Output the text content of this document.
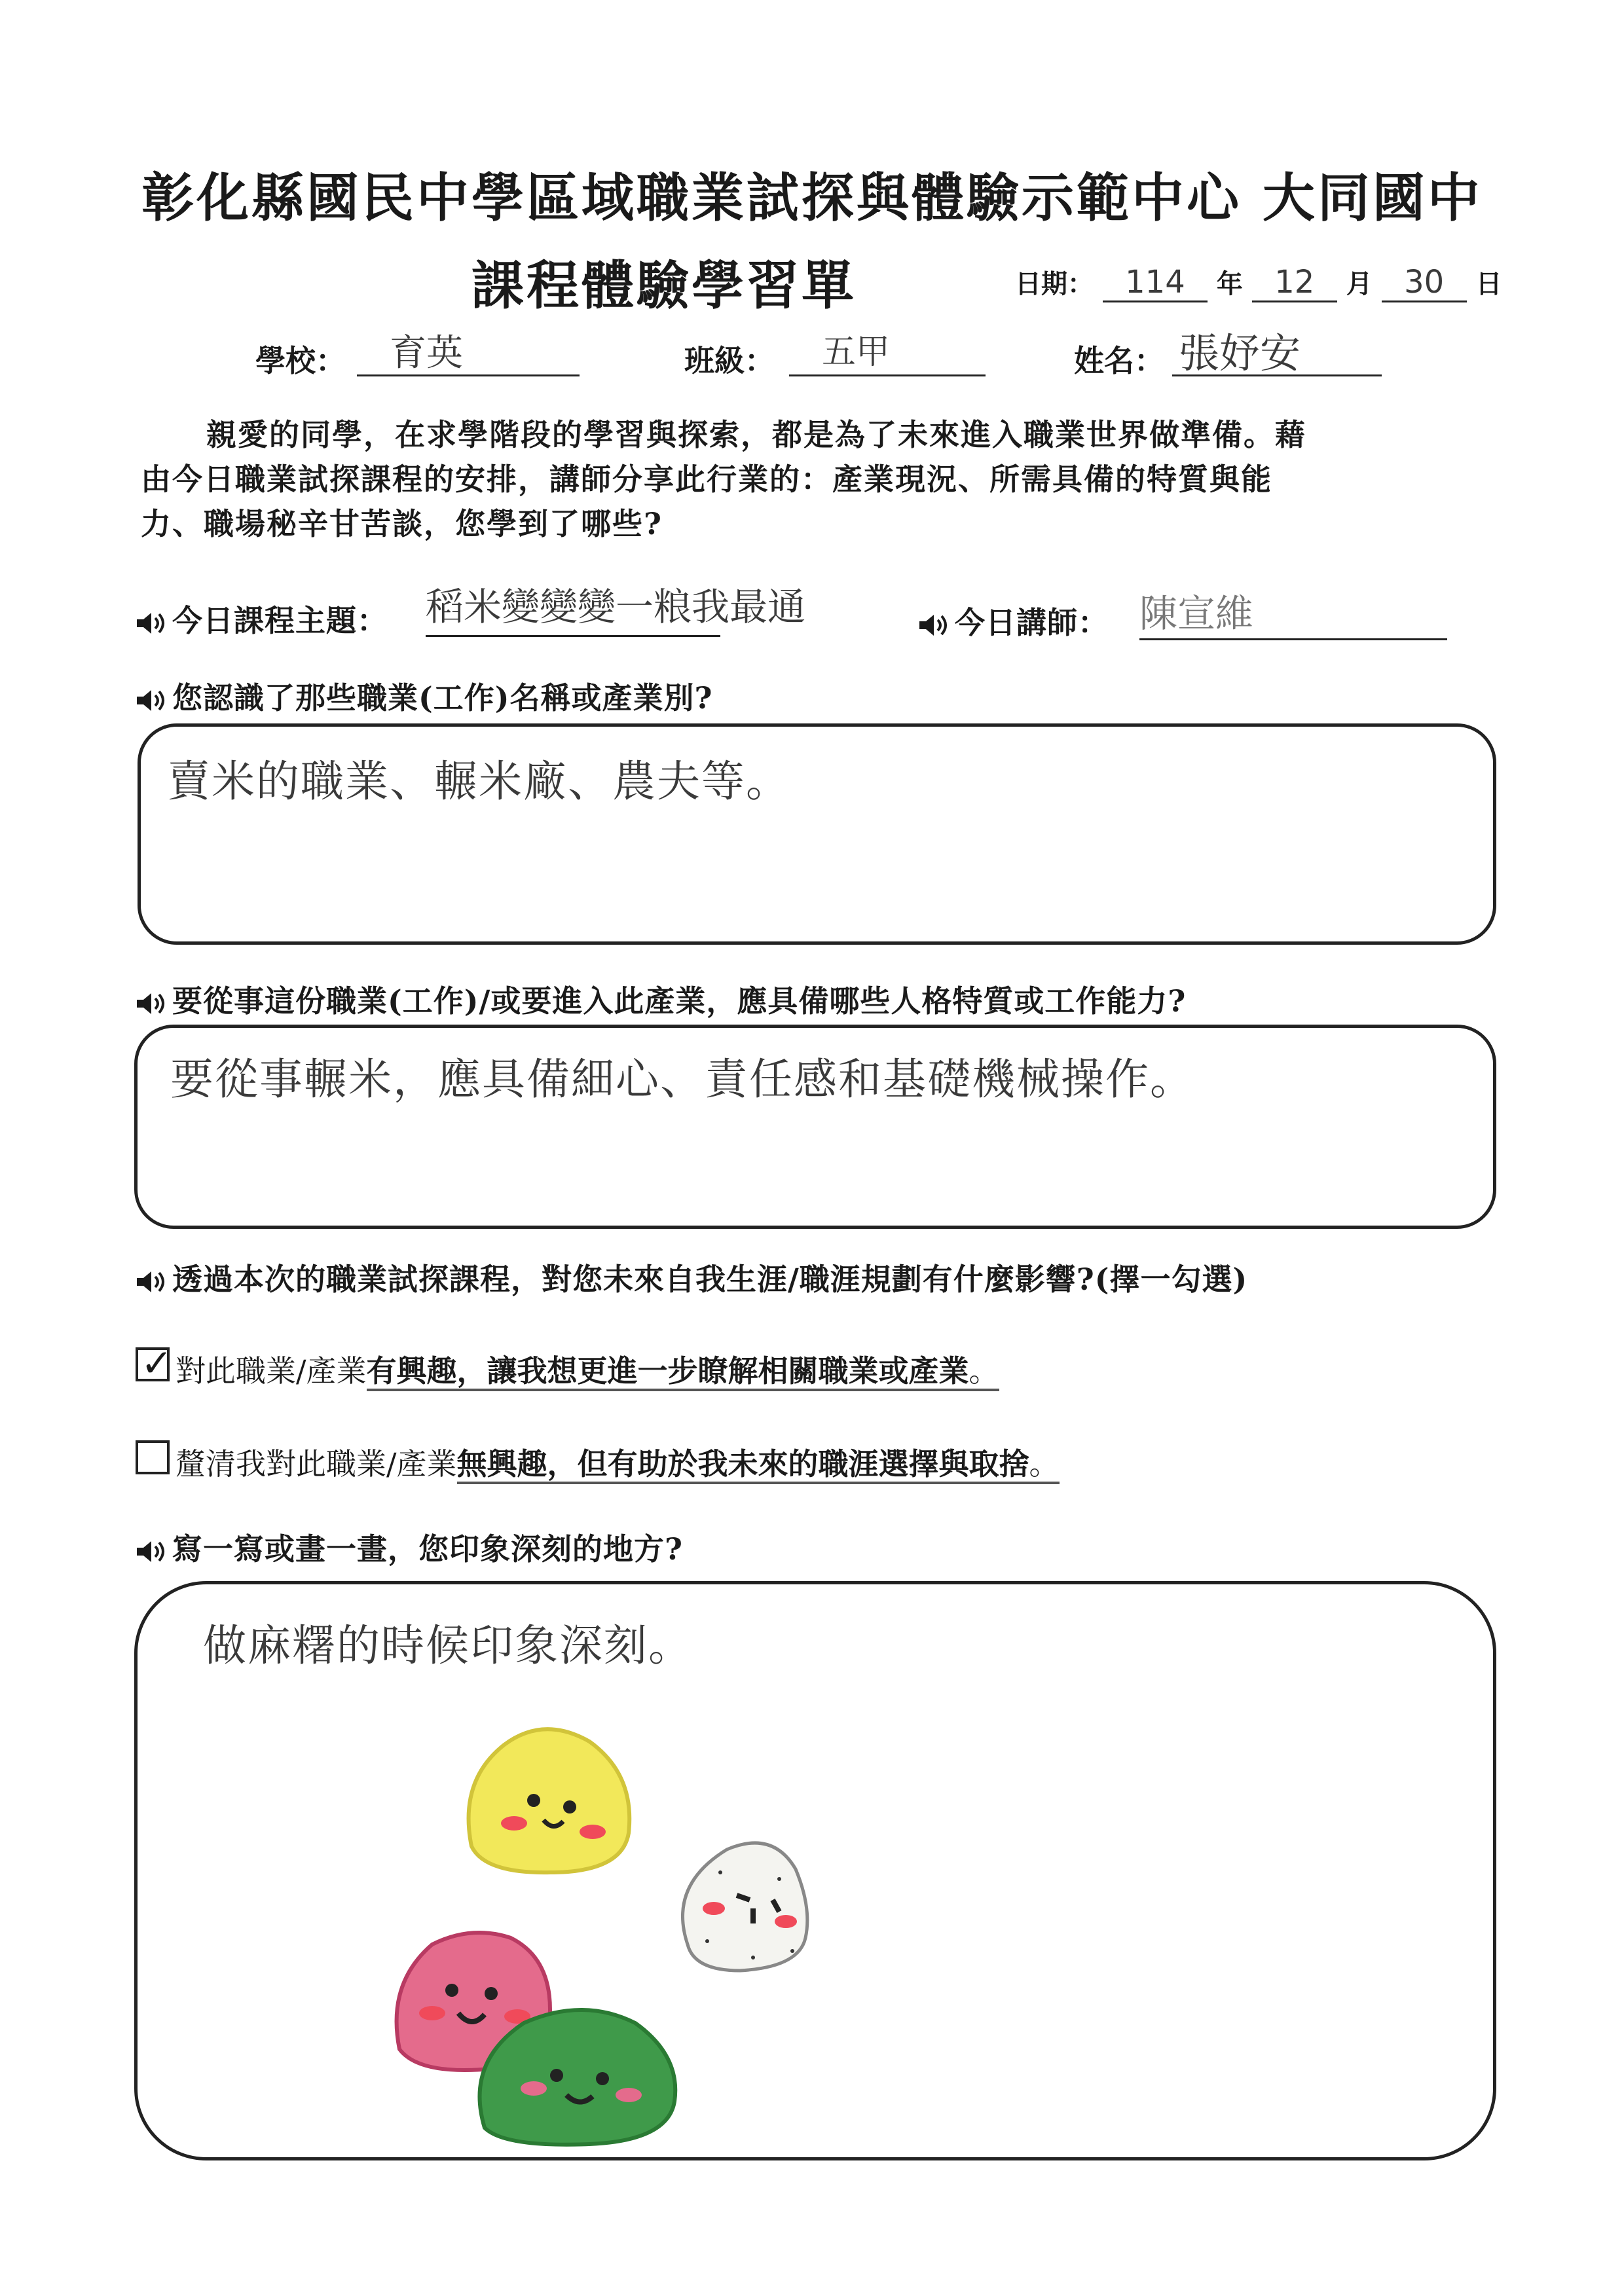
彰化縣國民中學區域職業試探與體驗示範中心 大同國中
課程體驗學習單	日期： 114 年 12 月 30 日
學校：	育英	班級：	五甲	姓名： 張妤安
親愛的同學，在求學階段的學習與探索，都是為了未來進入職業世界做準備。藉
由今日職業試探課程的安排，講師分享此行業的：產業現況、所需具備的特質與能
力、職場秘辛甘苦談，您學到了哪些?
今日課程主題： 稻米變變變一粮我最通	今日講師： 陳宣維
您認識了那些職業(工作)名稱或產業別?
賣米的職業、輾米廠、農夫等。
要從事這份職業(工作)/或要進入此產業，應具備哪些人格特質或工作能力?
要從事輾米，應具備細心、責任感和基礎機械操作。
透過本次的職業試探課程，對您未來自我生涯/職涯規劃有什麼影響?(擇一勾選)
✓ 對此職業/產業有興趣，讓我想更進一步瞭解相關職業或產業。
釐清我對此職業/產業無興趣，但有助於我未來的職涯選擇與取捨。
寫一寫或畫一畫，您印象深刻的地方?
做麻糬的時候印象深刻。
